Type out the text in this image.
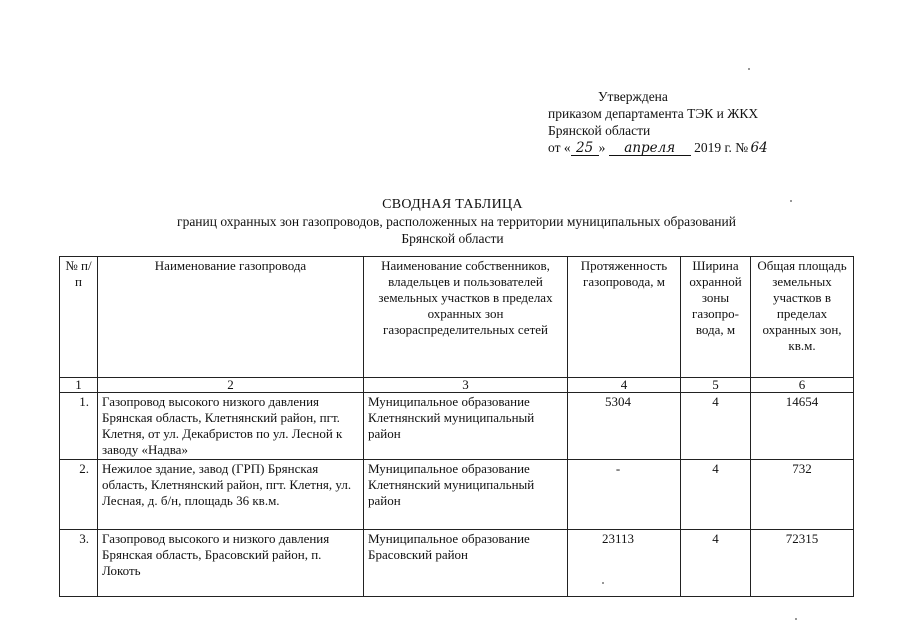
Утверждена
приказом департамента ТЭК и ЖКХ
Брянской области
от « 25 » апреля 2019 г. № 64
СВОДНАЯ ТАБЛИЦА
границ охранных зон газопроводов, расположенных на территории муниципальных образований
Брянской области
№ п/п	Наименование газопровода	Наименование собственников, владельцев и пользователей земельных участков в пределах охранных зон газораспределительных сетей	Протяженность газопровода, м	Ширина охранной зоны газопро-вода, м	Общая площадь земельных участков в пределах охранных зон, кв.м.
1	2	3	4	5	6
1.	Газопровод высокого низкого давления Брянская область, Клетнянский район, пгт. Клетня, от ул. Декабристов по ул. Лесной к заводу «Надва»	Муниципальное образование Клетнянский муниципальный район	5304	4	14654
2.	Нежилое здание, завод (ГРП) Брянская область, Клетнянский район, пгт. Клетня, ул. Лесная, д. б/н, площадь 36 кв.м.	Муниципальное образование Клетнянский муниципальный район	-	4	732
3.	Газопровод высокого и низкого давления Брянская область, Брасовский район, п. Локоть	Муниципальное образование Брасовский район	23113	4	72315
